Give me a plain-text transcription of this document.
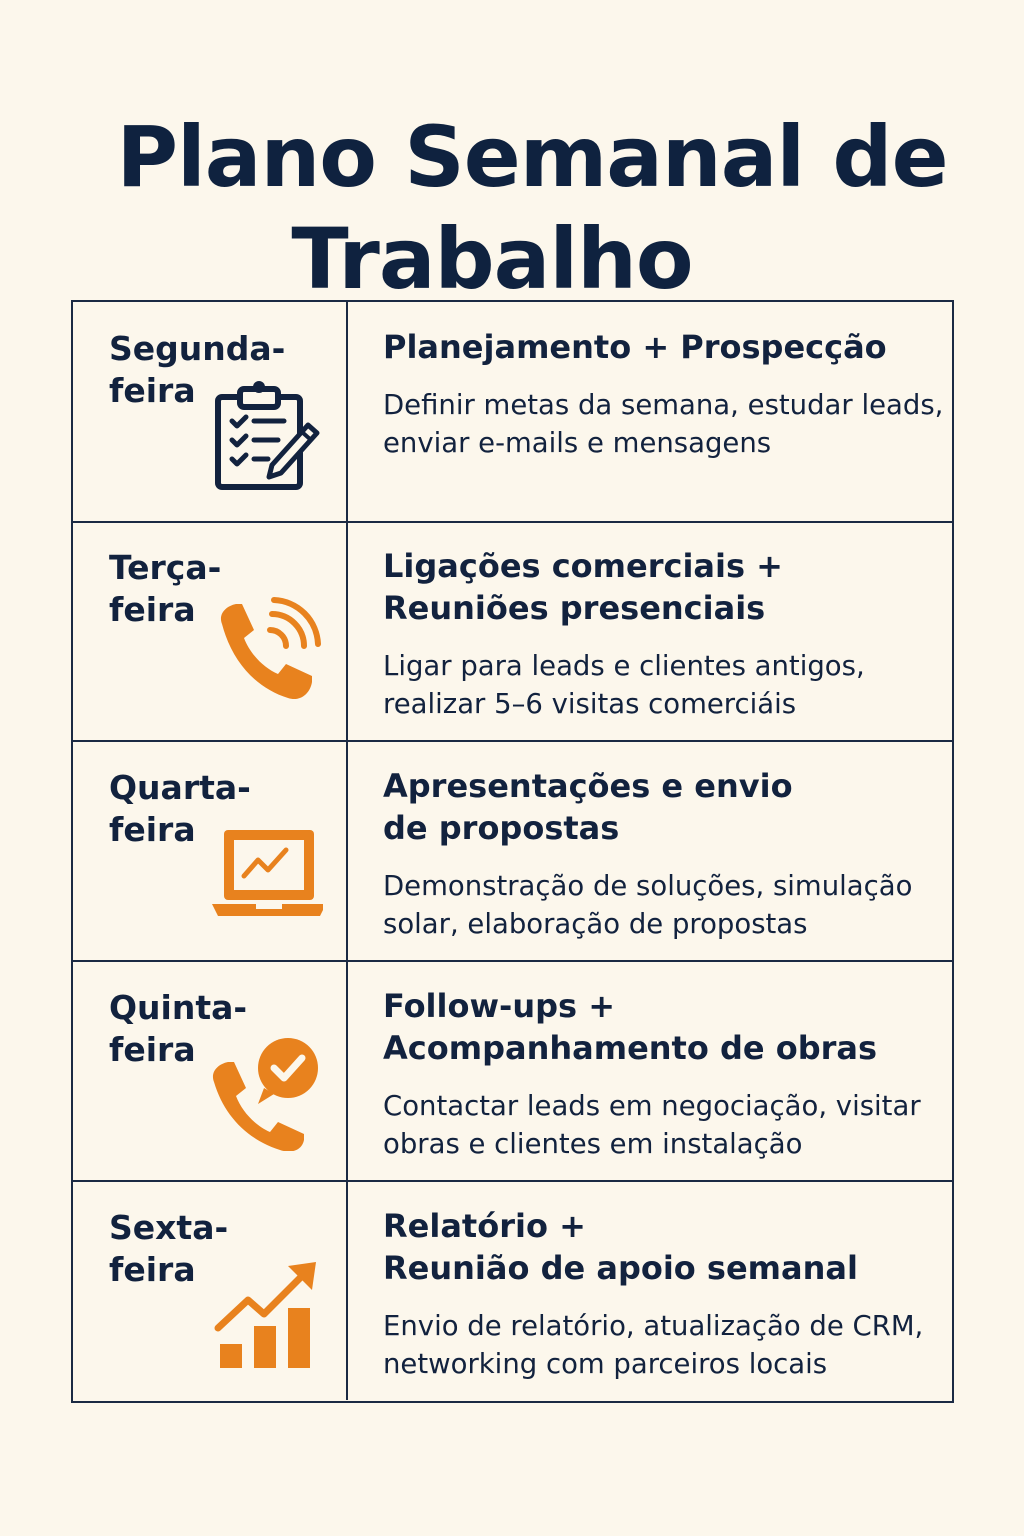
Plano Semanal de
Trabalho
Segunda-
feira
Planejamento + Prospecção
Definir metas da semana, estudar leads,
enviar e-mails e mensagens
Terça-
feira
Ligações comerciais +
Reuniões presenciais
Ligar para leads e clientes antigos,
realizar 5–6 visitas comerciáis
Quarta-
feira
Apresentações e envio
de propostas
Demonstração de soluções, simulação
solar, elaboração de propostas
Quinta-
feira
Follow-ups +
Acompanhamento de obras
Contactar leads em negociação, visitar
obras e clientes em instalação
Sexta-
feira
Relatório +
Reunião de apoio semanal
Envio de relatório, atualização de CRM,
networking com parceiros locais
